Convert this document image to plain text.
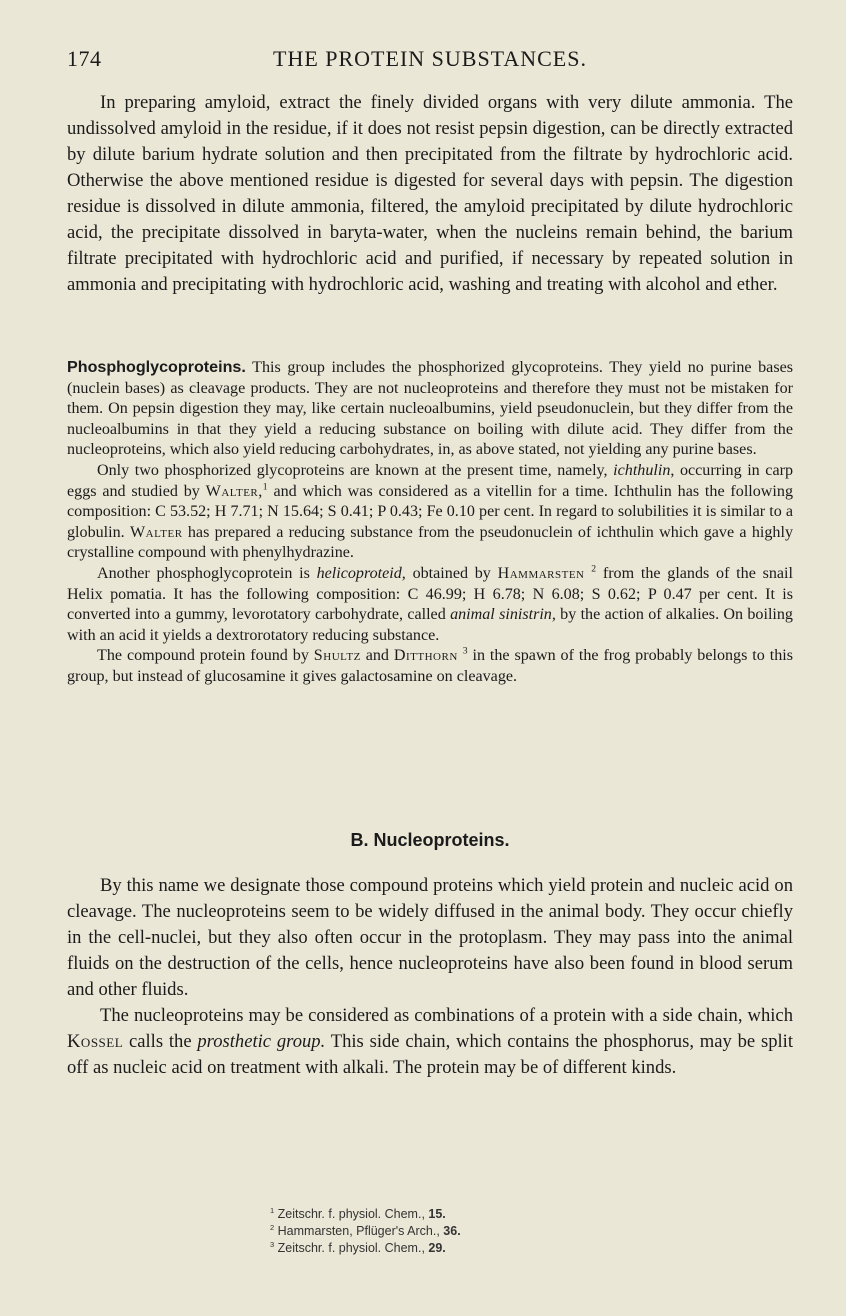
174	THE PROTEIN SUBSTANCES.

In preparing amyloid, extract the finely divided organs with very dilute ammonia. The undissolved amyloid in the residue, if it does not resist pepsin digestion, can be directly extracted by dilute barium hydrate solution and then precipitated from the filtrate by hydrochloric acid. Otherwise the above mentioned residue is digested for several days with pepsin. The digestion residue is dissolved in dilute ammonia, filtered, the amyloid precipitated by dilute hydrochloric acid, the precipitate dissolved in baryta-water, when the nucleins remain behind, the barium filtrate precipitated with hydrochloric acid and purified, if necessary by repeated solution in ammonia and precipitating with hydrochloric acid, washing and treating with alcohol and ether.

Phosphoglycoproteins. This group includes the phosphorized glycoproteins. They yield no purine bases (nuclein bases) as cleavage products. They are not nucleoproteins and therefore they must not be mistaken for them. On pepsin digestion they may, like certain nucleoalbumins, yield pseudonuclein, but they differ from the nucleoalbumins in that they yield a reducing substance on boiling with dilute acid. They differ from the nucleoproteins, which also yield reducing carbohydrates, in, as above stated, not yielding any purine bases.

Only two phosphorized glycoproteins are known at the present time, namely, ichthulin, occurring in carp eggs and studied by Walter,$^1$ and which was considered as a vitellin for a time. Ichthulin has the following composition: C 53.52; H 7.71; N 15.64; S 0.41; P 0.43; Fe 0.10 per cent. In regard to solubilities it is similar to a globulin. Walter has prepared a reducing substance from the pseudonuclein of ichthulin which gave a highly crystalline compound with phenylhydrazine.

Another phosphoglycoprotein is helicoproteid, obtained by Hammarsten $^2$ from the glands of the snail Helix pomatia. It has the following composition: C 46.99; H 6.78; N 6.08; S 0.62; P 0.47 per cent. It is converted into a gummy, levorotatory carbohydrate, called animal sinistrin, by the action of alkalies. On boiling with an acid it yields a dextrorotatory reducing substance.

The compound protein found by Shultz and Ditthorn $^3$ in the spawn of the frog probably belongs to this group, but instead of glucosamine it gives galactosamine on cleavage.

B. Nucleoproteins.

By this name we designate those compound proteins which yield protein and nucleic acid on cleavage. The nucleoproteins seem to be widely diffused in the animal body. They occur chiefly in the cell-nuclei, but they also often occur in the protoplasm. They may pass into the animal fluids on the destruction of the cells, hence nucleoproteins have also been found in blood serum and other fluids.

The nucleoproteins may be considered as combinations of a protein with a side chain, which Kossel calls the prosthetic group. This side chain, which contains the phosphorus, may be split off as nucleic acid on treatment with alkali. The protein may be of different kinds.

$^1$ Zeitschr. f. physiol. Chem., 15.
$^2$ Hammarsten, Pflüger's Arch., 36.
$^3$ Zeitschr. f. physiol. Chem., 29.
